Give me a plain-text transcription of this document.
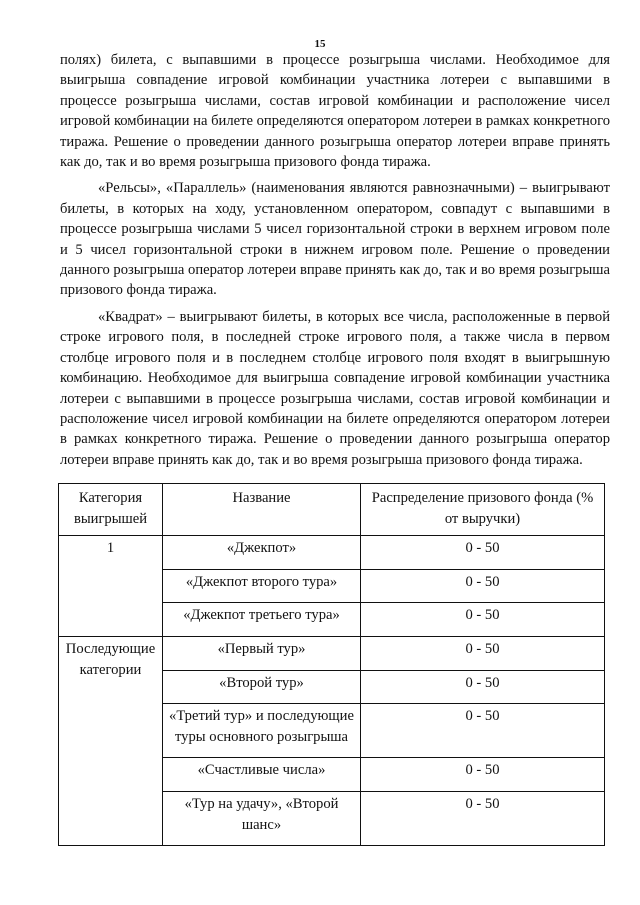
15

полях) билета, с выпавшими в процессе розыгрыша числами. Необходимое для выигрыша совпадение игровой комбинации участника лотереи с выпавшими в процессе розыгрыша числами, состав игровой комбинации и расположение чисел игровой комбинации на билете определяются оператором лотереи в рамках конкретного тиража. Решение о проведении данного розыгрыша оператор лотереи вправе принять как до, так и во время розыгрыша призового фонда тиража.

«Рельсы», «Параллель» (наименования являются равнозначными) – выигрывают билеты, в которых на ходу, установленном оператором, совпадут с выпавшими в процессе розыгрыша числами 5 чисел горизонтальной строки в верхнем игровом поле и 5 чисел горизонтальной строки в нижнем игровом поле. Решение о проведении данного розыгрыша оператор лотереи вправе принять как до, так и во время розыгрыша призового фонда тиража.

«Квадрат» – выигрывают билеты, в которых все числа, расположенные в первой строке игрового поля, в последней строке игрового поля, а также числа в первом столбце игрового поля и в последнем столбце игрового поля входят в выигрышную комбинацию. Необходимое для выигрыша совпадение игровой комбинации участника лотереи с выпавшими в процессе розыгрыша числами, состав игровой комбинации и расположение чисел игровой комбинации на билете определяются оператором лотереи в рамках конкретного тиража. Решение о проведении данного розыгрыша оператор лотереи вправе принять как до, так и во время розыгрыша призового фонда тиража.

Категория выигрышей	Название	Распределение призового фонда (% от выручки)
1	«Джекпот»	0 - 50
	«Джекпот второго тура»	0 - 50
	«Джекпот третьего тура»	0 - 50
Последующие категории	«Первый тур»	0 - 50
	«Второй тур»	0 - 50
	«Третий тур» и последующие туры основного розыгрыша	0 - 50
	«Счастливые числа»	0 - 50
	«Тур на удачу», «Второй шанс»	0 - 50
